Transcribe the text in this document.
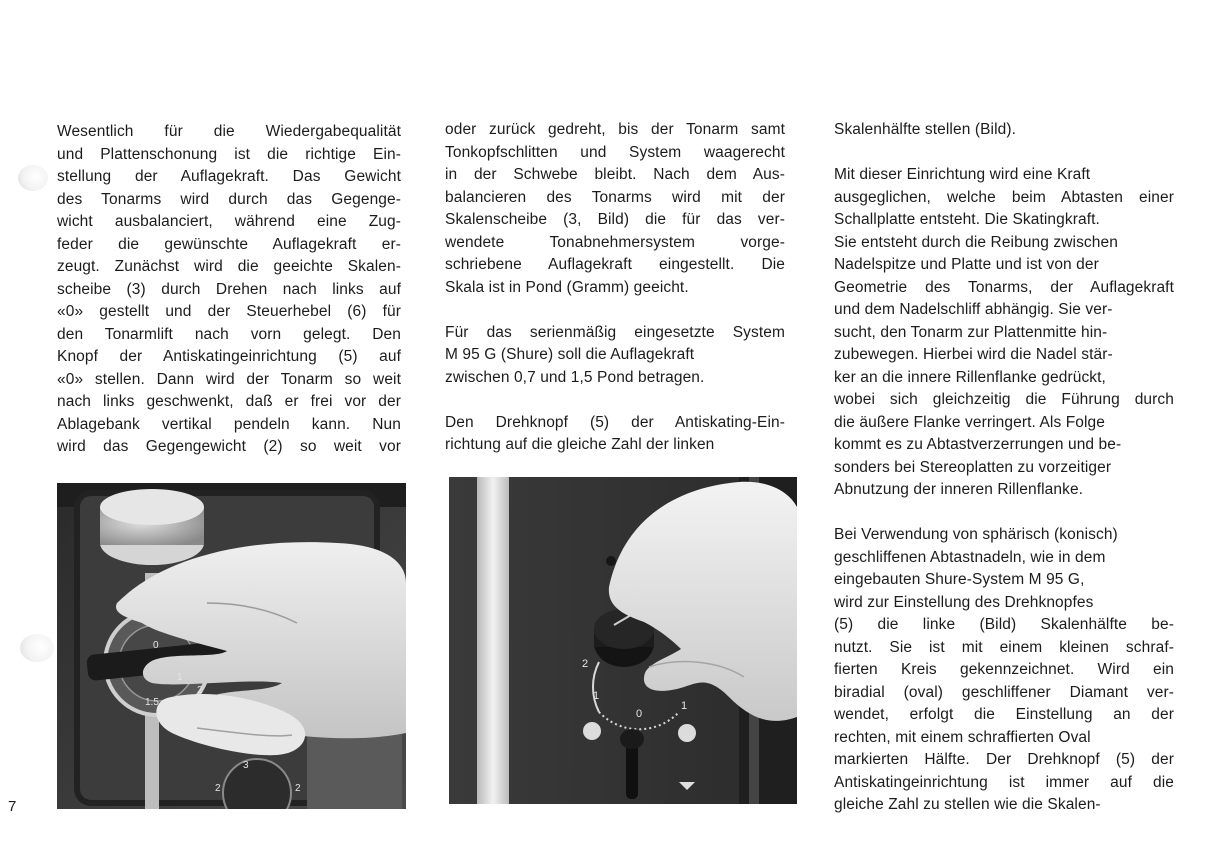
Wesentlich für die Wiedergabequalität
und Plattenschonung ist die richtige Ein-
stellung der Auflagekraft. Das Gewicht
des Tonarms wird durch das Gegenge-
wicht ausbalanciert, während eine Zug-
feder die gewünschte Auflagekraft er-
zeugt. Zunächst wird die geeichte Skalen-
scheibe (3) durch Drehen nach links auf
«0» gestellt und der Steuerhebel (6) für
den Tonarmlift nach vorn gelegt. Den
Knopf der Antiskatingeinrichtung (5) auf
«0» stellen. Dann wird der Tonarm so weit
nach links geschwenkt, daß er frei vor der
Ablagebank vertikal pendeln kann. Nun
wird das Gegengewicht (2) so weit vor

oder zurück gedreht, bis der Tonarm samt
Tonkopfschlitten und System waagerecht
in der Schwebe bleibt. Nach dem Aus-
balancieren des Tonarms wird mit der
Skalenscheibe (3, Bild) die für das ver-
wendete Tonabnehmersystem vorge-
schriebene Auflagekraft eingestellt. Die
Skala ist in Pond (Gramm) geeicht.

Für das serienmäßig eingesetzte System
M 95 G (Shure) soll die Auflagekraft
zwischen 0,7 und 1,5 Pond betragen.

Den Drehknopf (5) der Antiskating-Ein-
richtung auf die gleiche Zahl der linken

Skalenhälfte stellen (Bild).

Mit dieser Einrichtung wird eine Kraft
ausgeglichen, welche beim Abtasten einer
Schallplatte entsteht. Die Skatingkraft.
Sie entsteht durch die Reibung zwischen
Nadelspitze und Platte und ist von der
Geometrie des Tonarms, der Auflagekraft
und dem Nadelschliff abhängig. Sie ver-
sucht, den Tonarm zur Plattenmitte hin-
zubewegen. Hierbei wird die Nadel stär-
ker an die innere Rillenflanke gedrückt,
wobei sich gleichzeitig die Führung durch
die äußere Flanke verringert. Als Folge
kommt es zu Abtastverzerrungen und be-
sonders bei Stereoplatten zu vorzeitiger
Abnutzung der inneren Rillenflanke.

Bei Verwendung von sphärisch (konisch)
geschliffenen Abtastnadeln, wie in dem
eingebauten Shure-System M 95 G,
wird zur Einstellung des Drehknopfes
(5) die linke (Bild) Skalenhälfte be-
nutzt. Sie ist mit einem kleinen schraf-
fierten Kreis gekennzeichnet. Wird ein
biradial (oval) geschliffener Diamant ver-
wendet, erfolgt die Einstellung an der
rechten, mit einem schraffierten Oval
markierten Hälfte. Der Drehknopf (5) der
Antiskatingeinrichtung ist immer auf die
gleiche Zahl zu stellen wie die Skalen-

0
1
1.5
2
3
2	2
2
1
0
1
7
